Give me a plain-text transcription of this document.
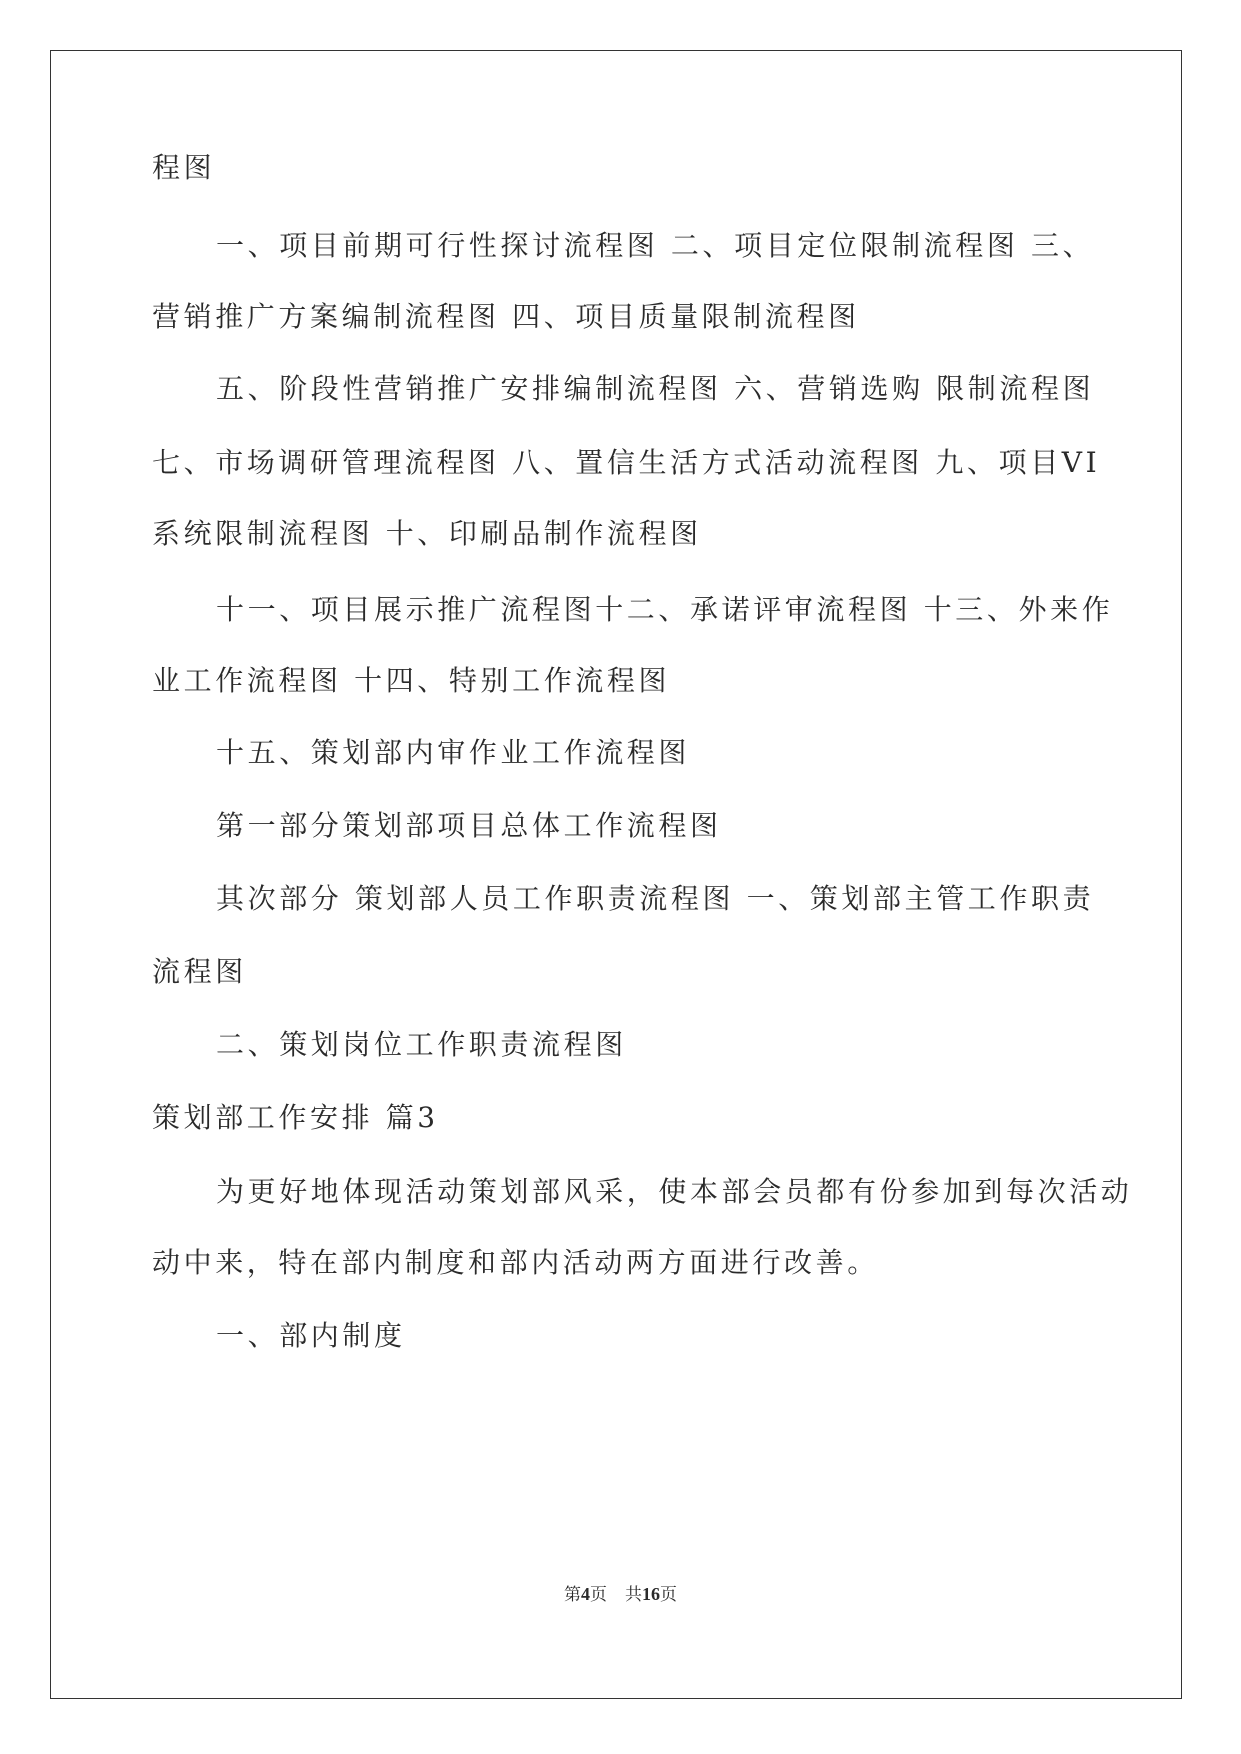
程图
一、项目前期可行性探讨流程图 二、项目定位限制流程图 三、
营销推广方案编制流程图 四、项目质量限制流程图
五、阶段性营销推广安排编制流程图 六、营销选购 限制流程图
七、市场调研管理流程图 八、置信生活方式活动流程图 九、项目VI
系统限制流程图 十、印刷品制作流程图
十一、项目展示推广流程图十二、承诺评审流程图 十三、外来作
业工作流程图 十四、特别工作流程图
十五、策划部内审作业工作流程图
第一部分策划部项目总体工作流程图
其次部分 策划部人员工作职责流程图 一、策划部主管工作职责
流程图
二、策划岗位工作职责流程图
策划部工作安排 篇3
为更好地体现活动策划部风采，使本部会员都有份参加到每次活动
动中来，特在部内制度和部内活动两方面进行改善。
一、部内制度
第4页 共16页
